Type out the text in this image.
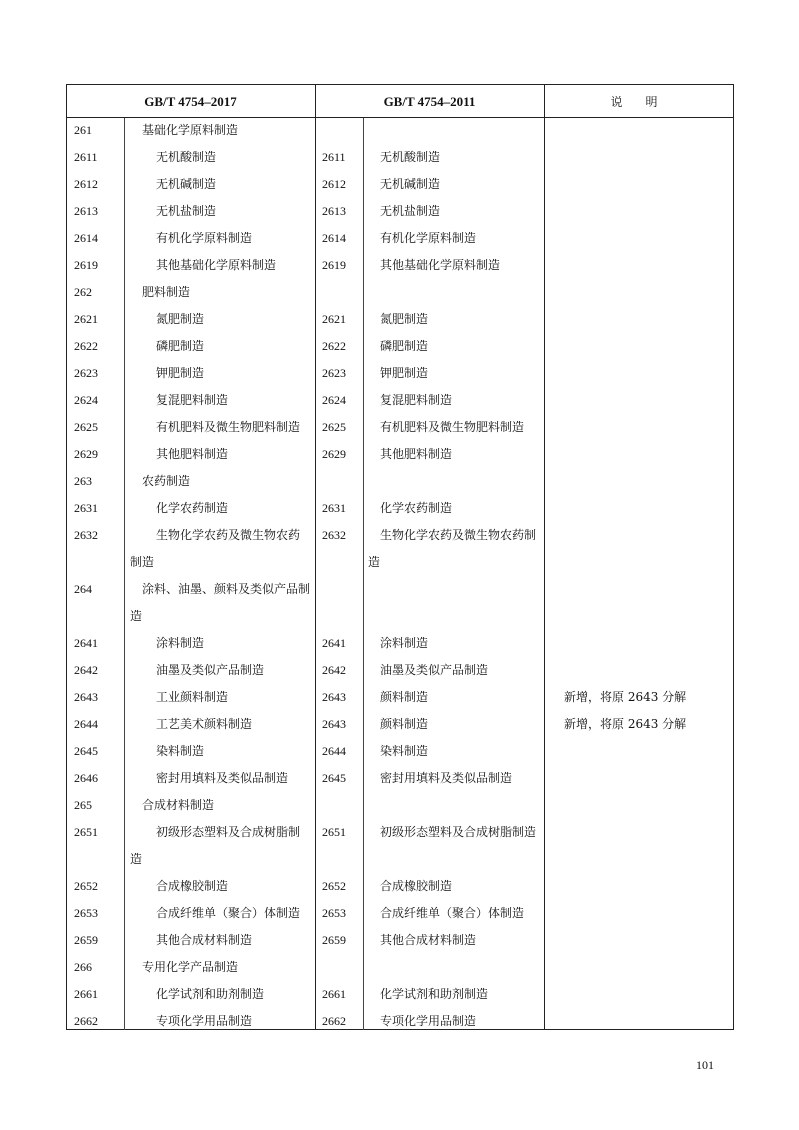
GB/T 4754–2017	GB/T 4754–2011	说 明
261	基础化学原料制造
2611	无机酸制造	2611	无机酸制造
2612	无机碱制造	2612	无机碱制造
2613	无机盐制造	2613	无机盐制造
2614	有机化学原料制造	2614	有机化学原料制造
2619	其他基础化学原料制造	2619	其他基础化学原料制造
262	肥料制造
2621	氮肥制造	2621	氮肥制造
2622	磷肥制造	2622	磷肥制造
2623	钾肥制造	2623	钾肥制造
2624	复混肥料制造	2624	复混肥料制造
2625	有机肥料及微生物肥料制造 2625	有机肥料及微生物肥料制造
2629	其他肥料制造	2629	其他肥料制造
263	农药制造
2631	化学农药制造	2631	化学农药制造
2632	生物化学农药及微生物农药 2632	生物化学农药及微生物农药制
制造	造
264	涂料、油墨、颜料及类似产品制
造
2641	涂料制造	2641	涂料制造
2642	油墨及类似产品制造	2642	油墨及类似产品制造
2643	工业颜料制造	2643	颜料制造	新增，将原 2643 分解
2644	工艺美术颜料制造	2643	颜料制造	新增，将原 2643 分解
2645	染料制造	2644	染料制造
2646	密封用填料及类似品制造	2645	密封用填料及类似品制造
265	合成材料制造
2651	初级形态塑料及合成树脂制 2651	初级形态塑料及合成树脂制造
造
2652	合成橡胶制造	2652	合成橡胶制造
2653	合成纤维单（聚合）体制造 2653	合成纤维单（聚合）体制造
2659	其他合成材料制造	2659	其他合成材料制造
266	专用化学产品制造
2661	化学试剂和助剂制造	2661	化学试剂和助剂制造
2662	专项化学用品制造	2662	专项化学用品制造
101
